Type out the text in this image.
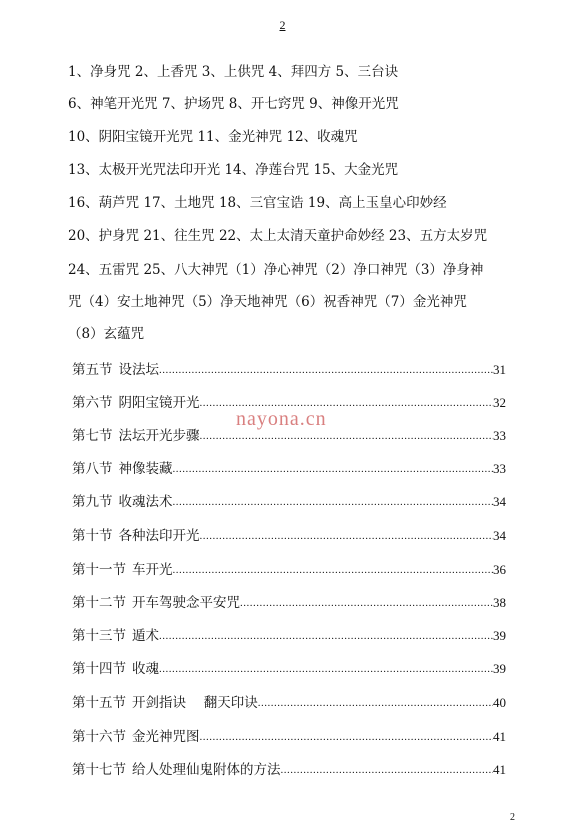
2
1、净身咒 2、上香咒 3、上供咒 4、拜四方 5、三台诀
6、神笔开光咒 7、护场咒 8、开七窍咒 9、神像开光咒
10、阴阳宝镜开光咒 11、金光神咒 12、收魂咒
13、太极开光咒法印开光 14、净莲台咒 15、大金光咒
16、葫芦咒 17、土地咒 18、三官宝诰 19、高上玉皇心印妙经
20、护身咒 21、往生咒 22、太上太清天童护命妙经 23、五方太岁咒
24、五雷咒 25、八大神咒（1）净心神咒（2）净口神咒（3）净身神
咒（4）安土地神咒（5）净天地神咒（6）祝香神咒（7）金光神咒
（8）玄蕴咒
第五节 设法坛 .....	31
第六节 阴阳宝镜开光 .....	32
第七节 法坛开光步骤 .....	33
第八节 神像装藏 .....	33
第九节 收魂法术 .....	34
第十节 各种法印开光 .....	34
第十一节 车开光 .....	36
第十二节 开车驾驶念平安咒 .....	38
第十三节 遁术 .....	39
第十四节 收魂 .....	39
第十五节 开剑指诀　 翻天印诀 .....	40
第十六节 金光神咒图 .....	41
第十七节 给人处理仙鬼附体的方法 .....	41
nayona.cn
2
